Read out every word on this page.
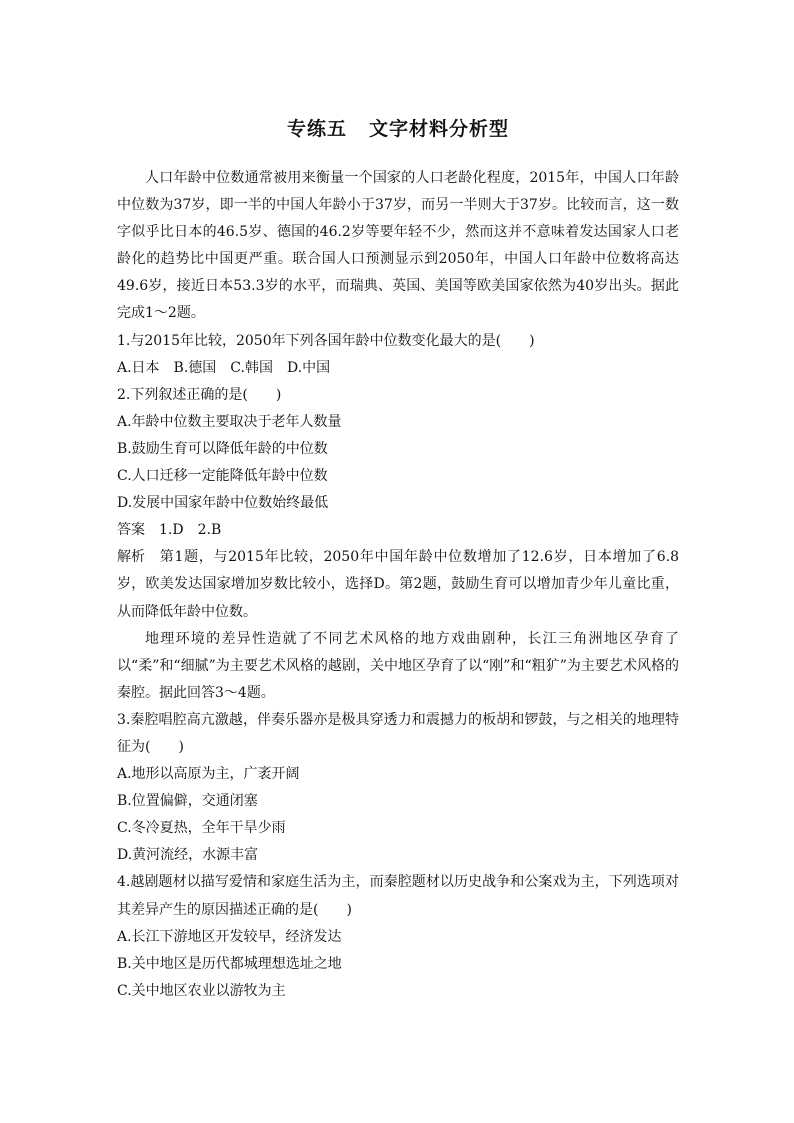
专练五 文字材料分析型

人口年龄中位数通常被用来衡量一个国家的人口老龄化程度，2015年，中国人口年龄中位数为37岁，即一半的中国人年龄小于37岁，而另一半则大于37岁。比较而言，这一数字似乎比日本的46.5岁、德国的46.2岁等要年轻不少，然而这并不意味着发达国家人口老龄化的趋势比中国更严重。联合国人口预测显示到2050年，中国人口年龄中位数将高达49.6岁，接近日本53.3岁的水平，而瑞典、英国、美国等欧美国家依然为40岁出头。据此完成1～2题。

1.与2015年比较，2050年下列各国年龄中位数变化最大的是(　　)

A.日本　B.德国　C.韩国　D.中国

2.下列叙述正确的是(　　)

A.年龄中位数主要取决于老年人数量

B.鼓励生育可以降低年龄的中位数

C.人口迁移一定能降低年龄中位数

D.发展中国家年龄中位数始终最低

答案 1.D　2.B

解析 第1题，与2015年比较，2050年中国年龄中位数增加了12.6岁，日本增加了6.8岁，欧美发达国家增加岁数比较小，选择D。第2题，鼓励生育可以增加青少年儿童比重，从而降低年龄中位数。

地理环境的差异性造就了不同艺术风格的地方戏曲剧种，长江三角洲地区孕育了以“柔”和“细腻”为主要艺术风格的越剧，关中地区孕育了以“刚”和“粗犷”为主要艺术风格的秦腔。据此回答3～4题。

3.秦腔唱腔高亢激越，伴奏乐器亦是极具穿透力和震撼力的板胡和锣鼓，与之相关的地理特征为(　　)

A.地形以高原为主，广袤开阔

B.位置偏僻，交通闭塞

C.冬冷夏热，全年干旱少雨

D.黄河流经，水源丰富

4.越剧题材以描写爱情和家庭生活为主，而秦腔题材以历史战争和公案戏为主，下列选项对其差异产生的原因描述正确的是(　　)

A.长江下游地区开发较早，经济发达

B.关中地区是历代都城理想选址之地

C.关中地区农业以游牧为主
